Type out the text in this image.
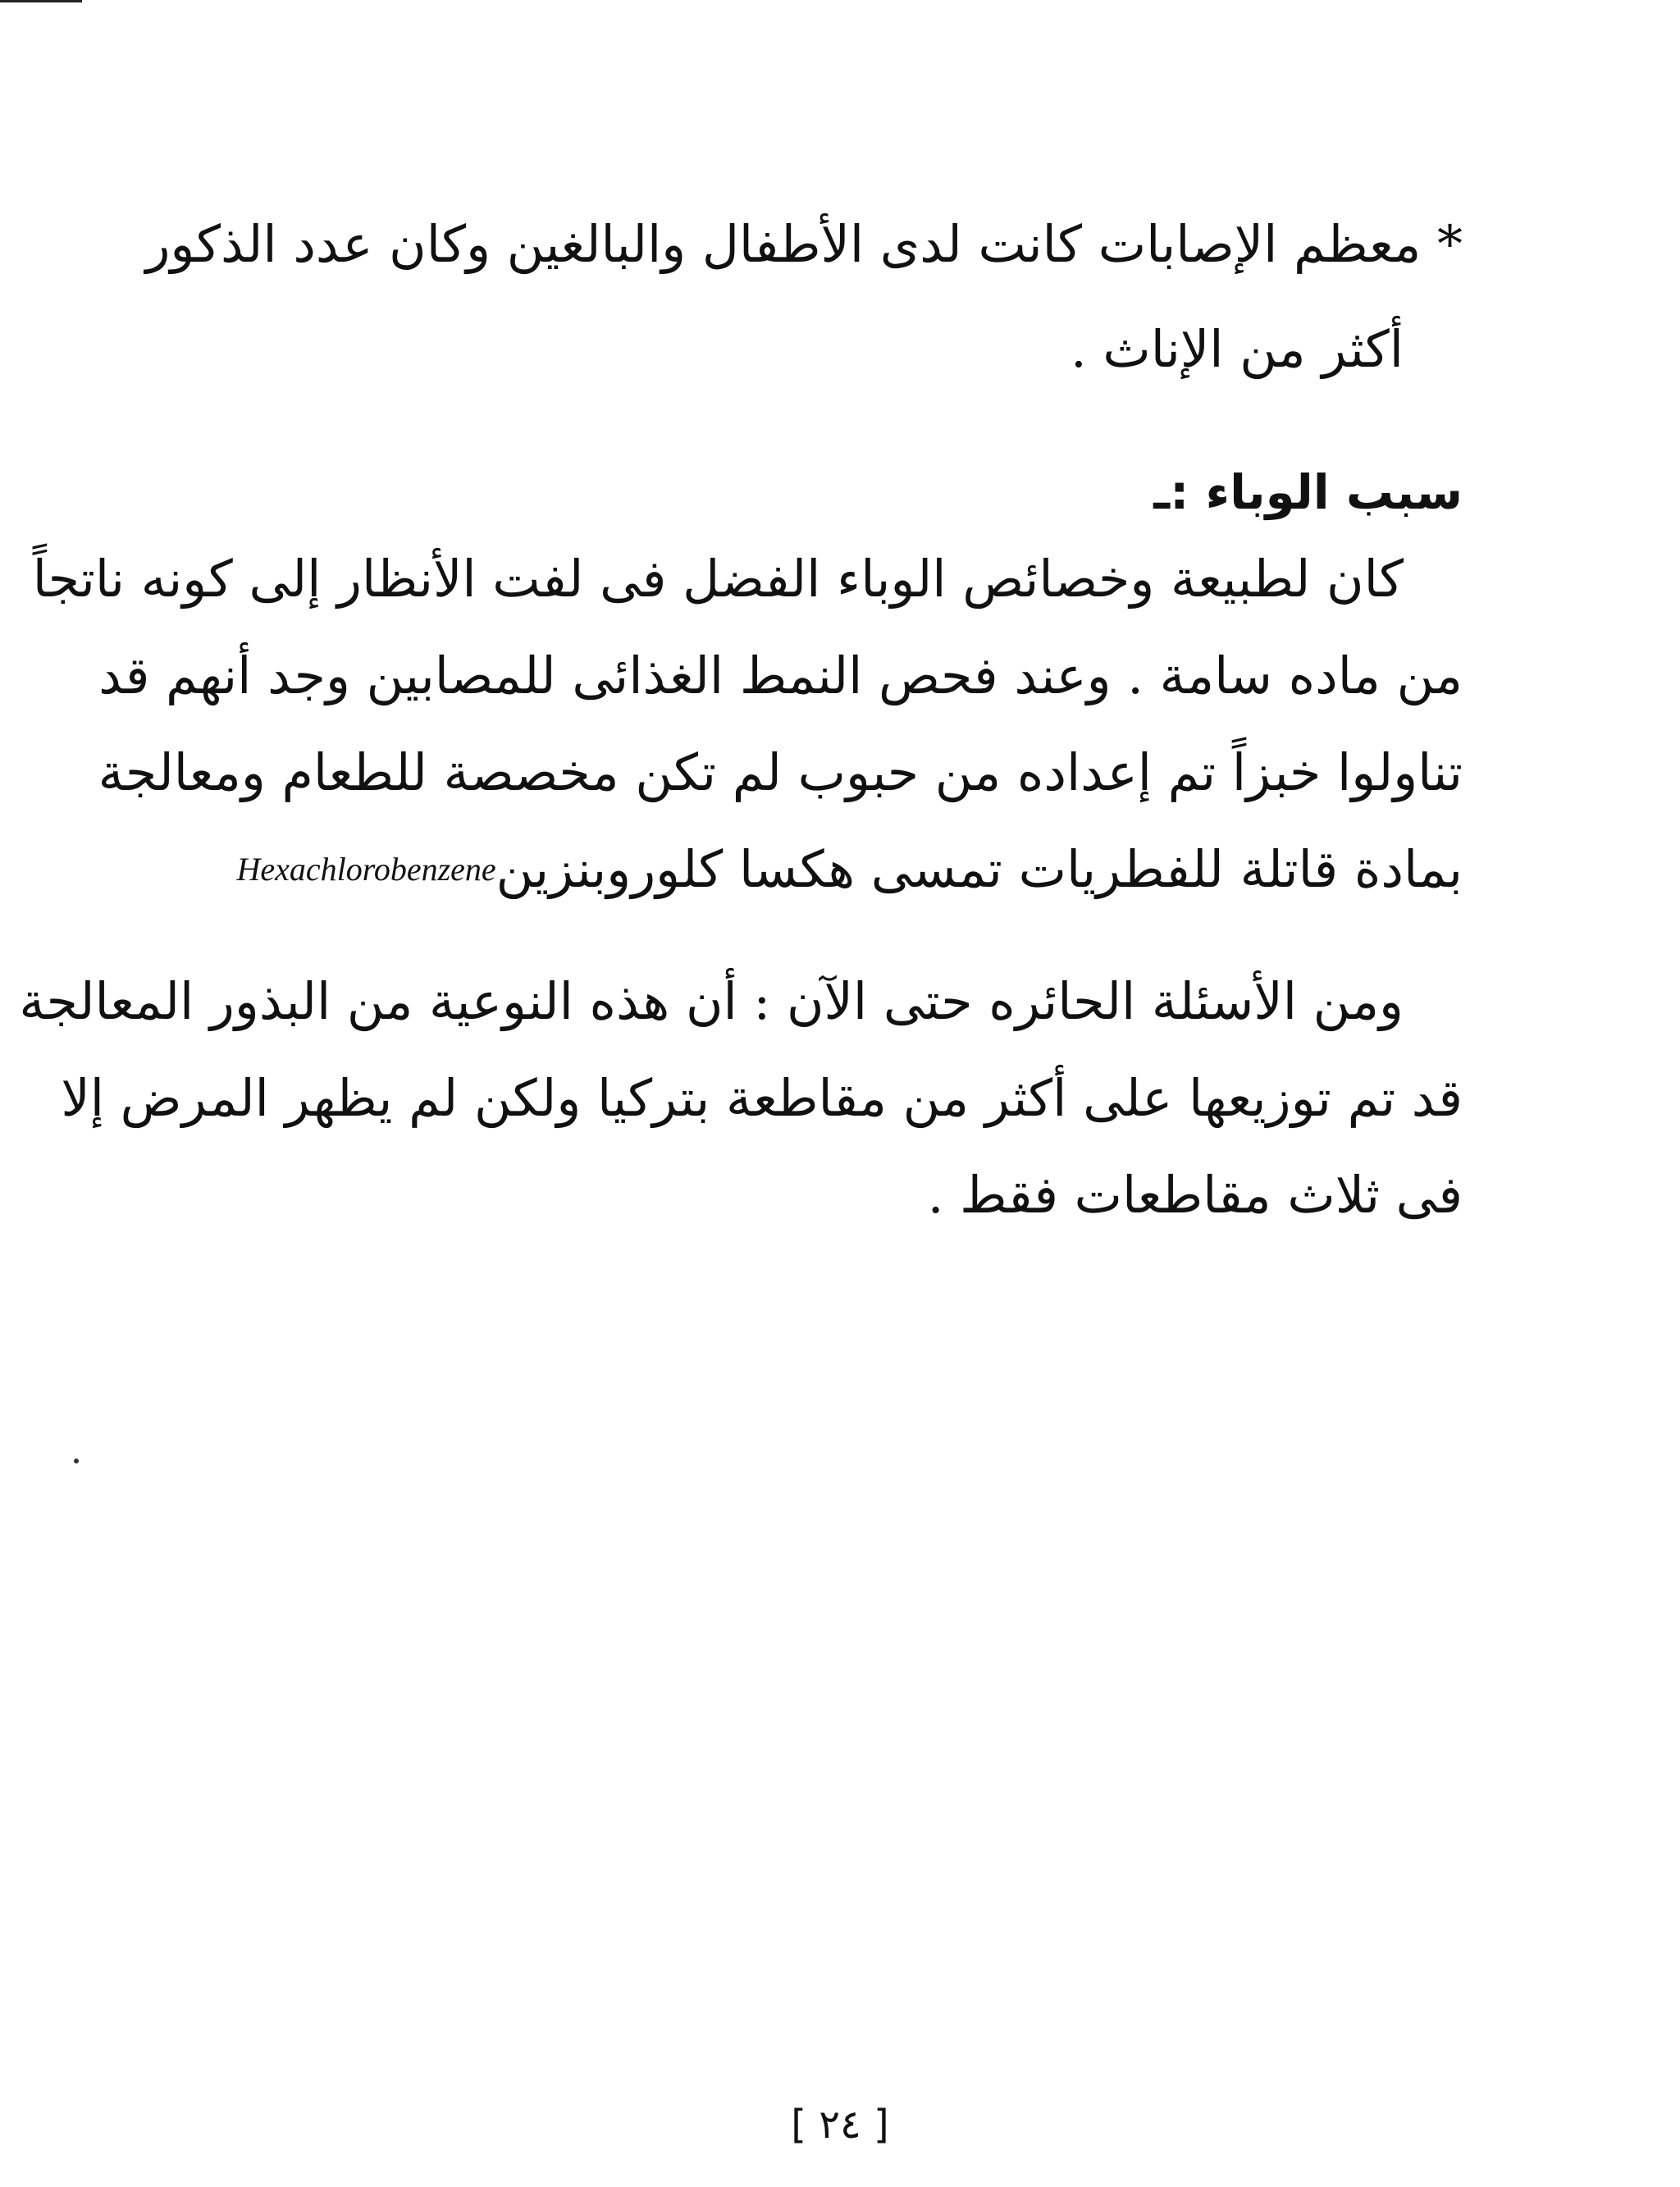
* معظم الإصابات كانت لدى الأطفال والبالغين وكان عدد الذكور
أكثر من الإناث .
سبب الوباء :ـ
كان لطبيعة وخصائص الوباء الفضل فى لفت الأنظار إلى كونه ناتجاً
من ماده سامة . وعند فحص النمط الغذائى للمصابين وجد أنهم قد
تناولوا خبزاً تم إعداده من حبوب لم تكن مخصصة للطعام ومعالجة
بمادة قاتلة للفطريات تمسى هكسا كلوروبنزين
Hexachlorobenzene
ومن الأسئلة الحائره حتى الآن : أن هذه النوعية من البذور المعالجة
قد تم توزيعها على أكثر من مقاطعة بتركيا ولكن لم يظهر المرض إلا
فى ثلاث مقاطعات فقط .
[ ٢٤ ]
